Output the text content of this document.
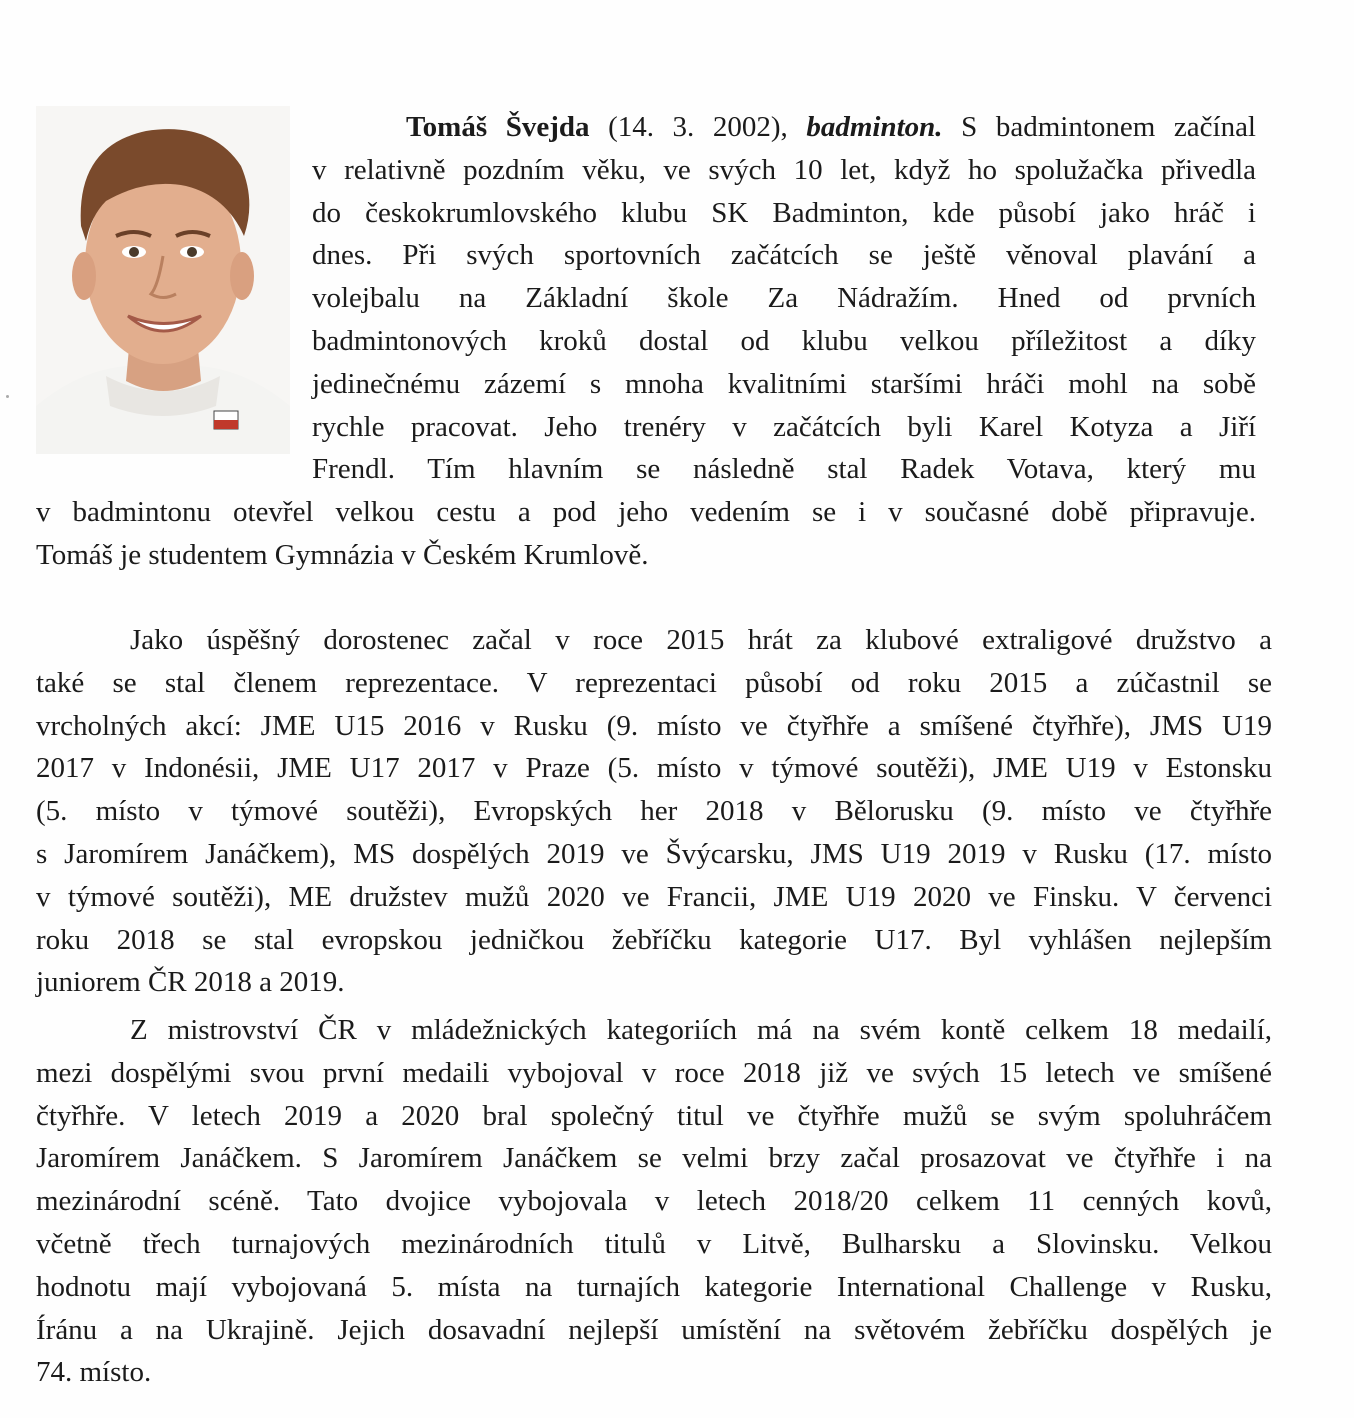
Tomáš Švejda (14. 3. 2002), badminton. S badmintonem začínal
v relativně pozdním věku, ve svých 10 let, když ho spolužačka přivedla
do českokrumlovského klubu SK Badminton, kde působí jako hráč i
dnes. Při svých sportovních začátcích se ještě věnoval plavání a
volejbalu na Základní škole Za Nádražím. Hned od prvních
badmintonových kroků dostal od klubu velkou příležitost a díky
jedinečnému zázemí s mnoha kvalitními staršími hráči mohl na sobě
rychle pracovat. Jeho trenéry v začátcích byli Karel Kotyza a Jiří
Frendl. Tím hlavním se následně stal Radek Votava, který mu
v badmintonu otevřel velkou cestu a pod jeho vedením se i v současné době připravuje.
Tomáš je studentem Gymnázia v Českém Krumlově.
Jako úspěšný dorostenec začal v roce 2015 hrát za klubové extraligové družstvo a
také se stal členem reprezentace. V reprezentaci působí od roku 2015 a zúčastnil se
vrcholných akcí: JME U15 2016 v Rusku (9. místo ve čtyřhře a smíšené čtyřhře), JMS U19
2017 v Indonésii, JME U17 2017 v Praze (5. místo v týmové soutěži), JME U19 v Estonsku
(5. místo v týmové soutěži), Evropských her 2018 v Bělorusku (9. místo ve čtyřhře
s Jaromírem Janáčkem), MS dospělých 2019 ve Švýcarsku, JMS U19 2019 v Rusku (17. místo
v týmové soutěži), ME družstev mužů 2020 ve Francii, JME U19 2020 ve Finsku. V červenci
roku 2018 se stal evropskou jedničkou žebříčku kategorie U17. Byl vyhlášen nejlepším
juniorem ČR 2018 a 2019.
Z mistrovství ČR v mládežnických kategoriích má na svém kontě celkem 18 medailí,
mezi dospělými svou první medaili vybojoval v roce 2018 již ve svých 15 letech ve smíšené
čtyřhře. V letech 2019 a 2020 bral společný titul ve čtyřhře mužů se svým spoluhráčem
Jaromírem Janáčkem. S Jaromírem Janáčkem se velmi brzy začal prosazovat ve čtyřhře i na
mezinárodní scéně. Tato dvojice vybojovala v letech 2018/20 celkem 11 cenných kovů,
včetně třech turnajových mezinárodních titulů v Litvě, Bulharsku a Slovinsku. Velkou
hodnotu mají vybojovaná 5. místa na turnajích kategorie International Challenge v Rusku,
Íránu a na Ukrajině. Jejich dosavadní nejlepší umístění na světovém žebříčku dospělých je
74. místo.
